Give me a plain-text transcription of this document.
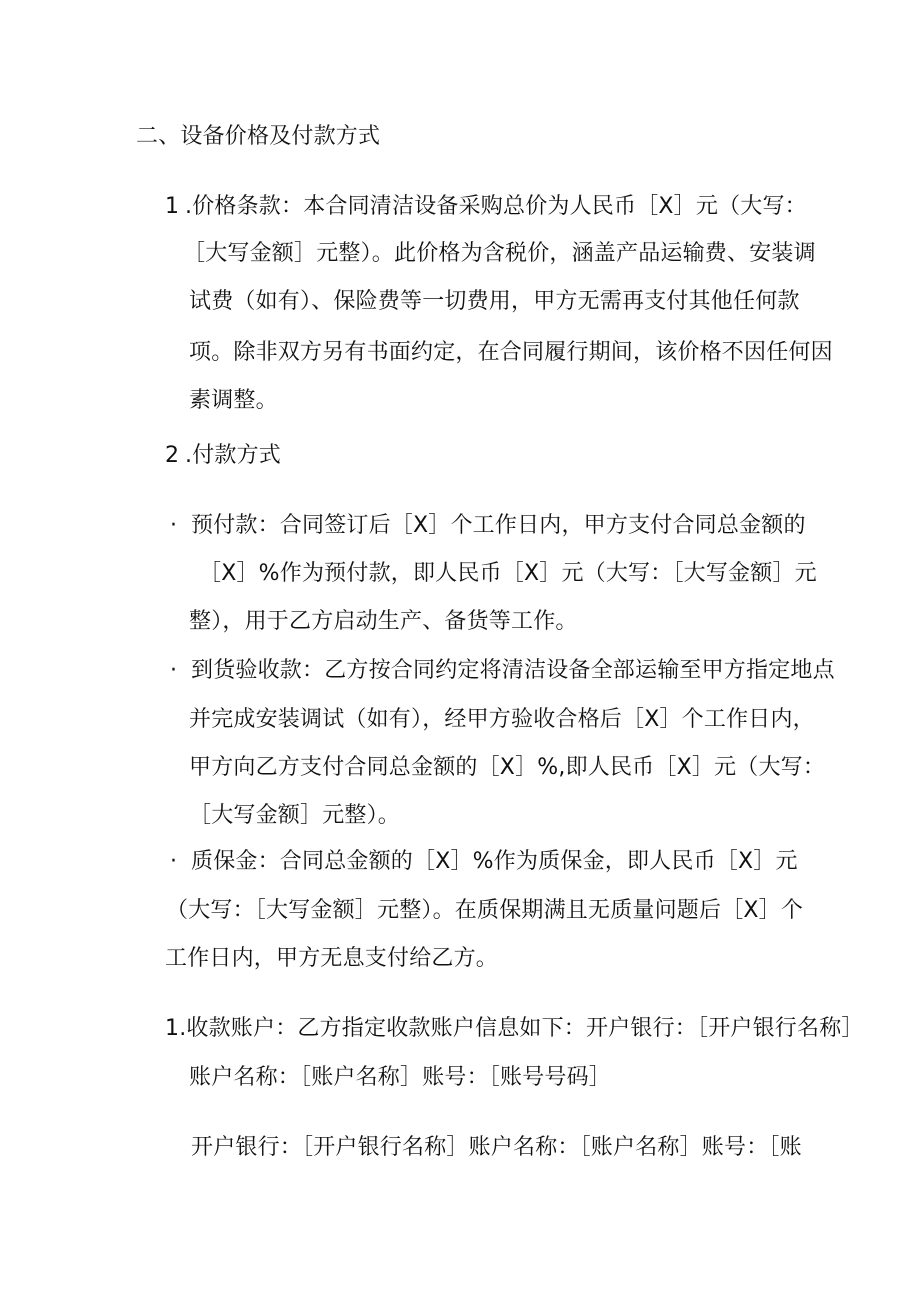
二、设备价格及付款方式
1 .价格条款：本合同清洁设备采购总价为人民币［X］元（大写：
［大写金额］元整）。此价格为含税价，涵盖产品运输费、安装调
试费（如有）、保险费等一切费用，甲方无需再支付其他任何款
项。除非双方另有书面约定，在合同履行期间，该价格不因任何因
素调整。
2 .付款方式
· 预付款：合同签订后［X］个工作日内，甲方支付合同总金额的
［X］%作为预付款，即人民币［X］元（大写：［大写金额］元
整），用于乙方启动生产、备货等工作。
· 到货验收款：乙方按合同约定将清洁设备全部运输至甲方指定地点
并完成安装调试（如有），经甲方验收合格后［X］个工作日内，
甲方向乙方支付合同总金额的［X］%,即人民币［X］元（大写：
［大写金额］元整）。
· 质保金：合同总金额的［X］%作为质保金，即人民币［X］元
（大写：［大写金额］元整）。在质保期满且无质量问题后［X］个
工作日内，甲方无息支付给乙方。
1.收款账户：乙方指定收款账户信息如下：开户银行：［开户银行名称］
账户名称：［账户名称］账号：［账号号码］
开户银行：［开户银行名称］账户名称：［账户名称］账号：［账
